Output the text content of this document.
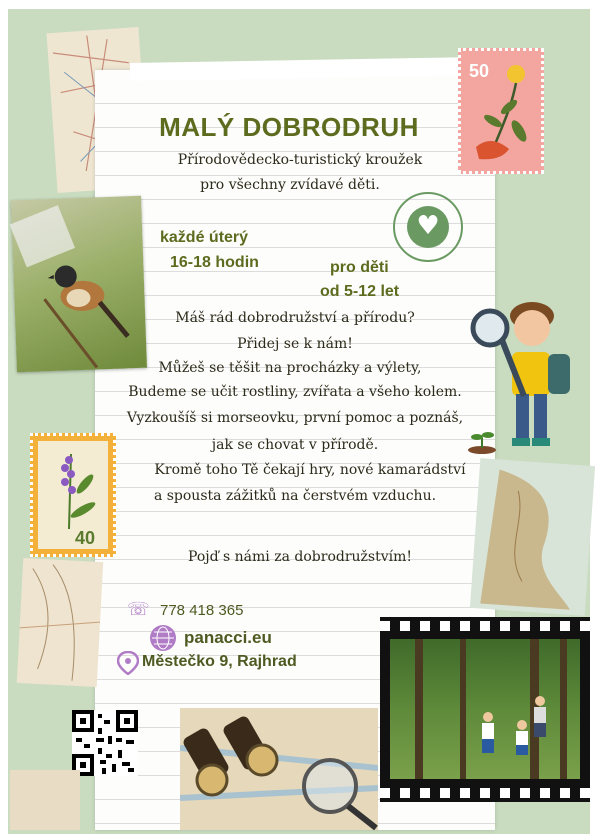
50
MALÝ DOBRODRUH
Přírodovědecko-turistický kroužek
pro všechny zvídavé děti.
♥
každé úterý
16-18 hodin	pro děti
od 5-12 let
Máš rád dobrodružství a přírodu?
Přidej se k nám!
Můžeš se těšit na procházky a výlety,
Budeme se učit rostliny, zvířata a všeho kolem.
Vyzkoušíš si morseovku, první pomoc a poznáš,
jak se chovat v přírodě.
Kromě toho Tě čekají hry, nové kamarádství
a spousta zážitků na čerstvém vzduchu.
40
Pojď s námi za dobrodružstvím!
☏ 778 418 365
panacci.eu
Městečko 9, Rajhrad
